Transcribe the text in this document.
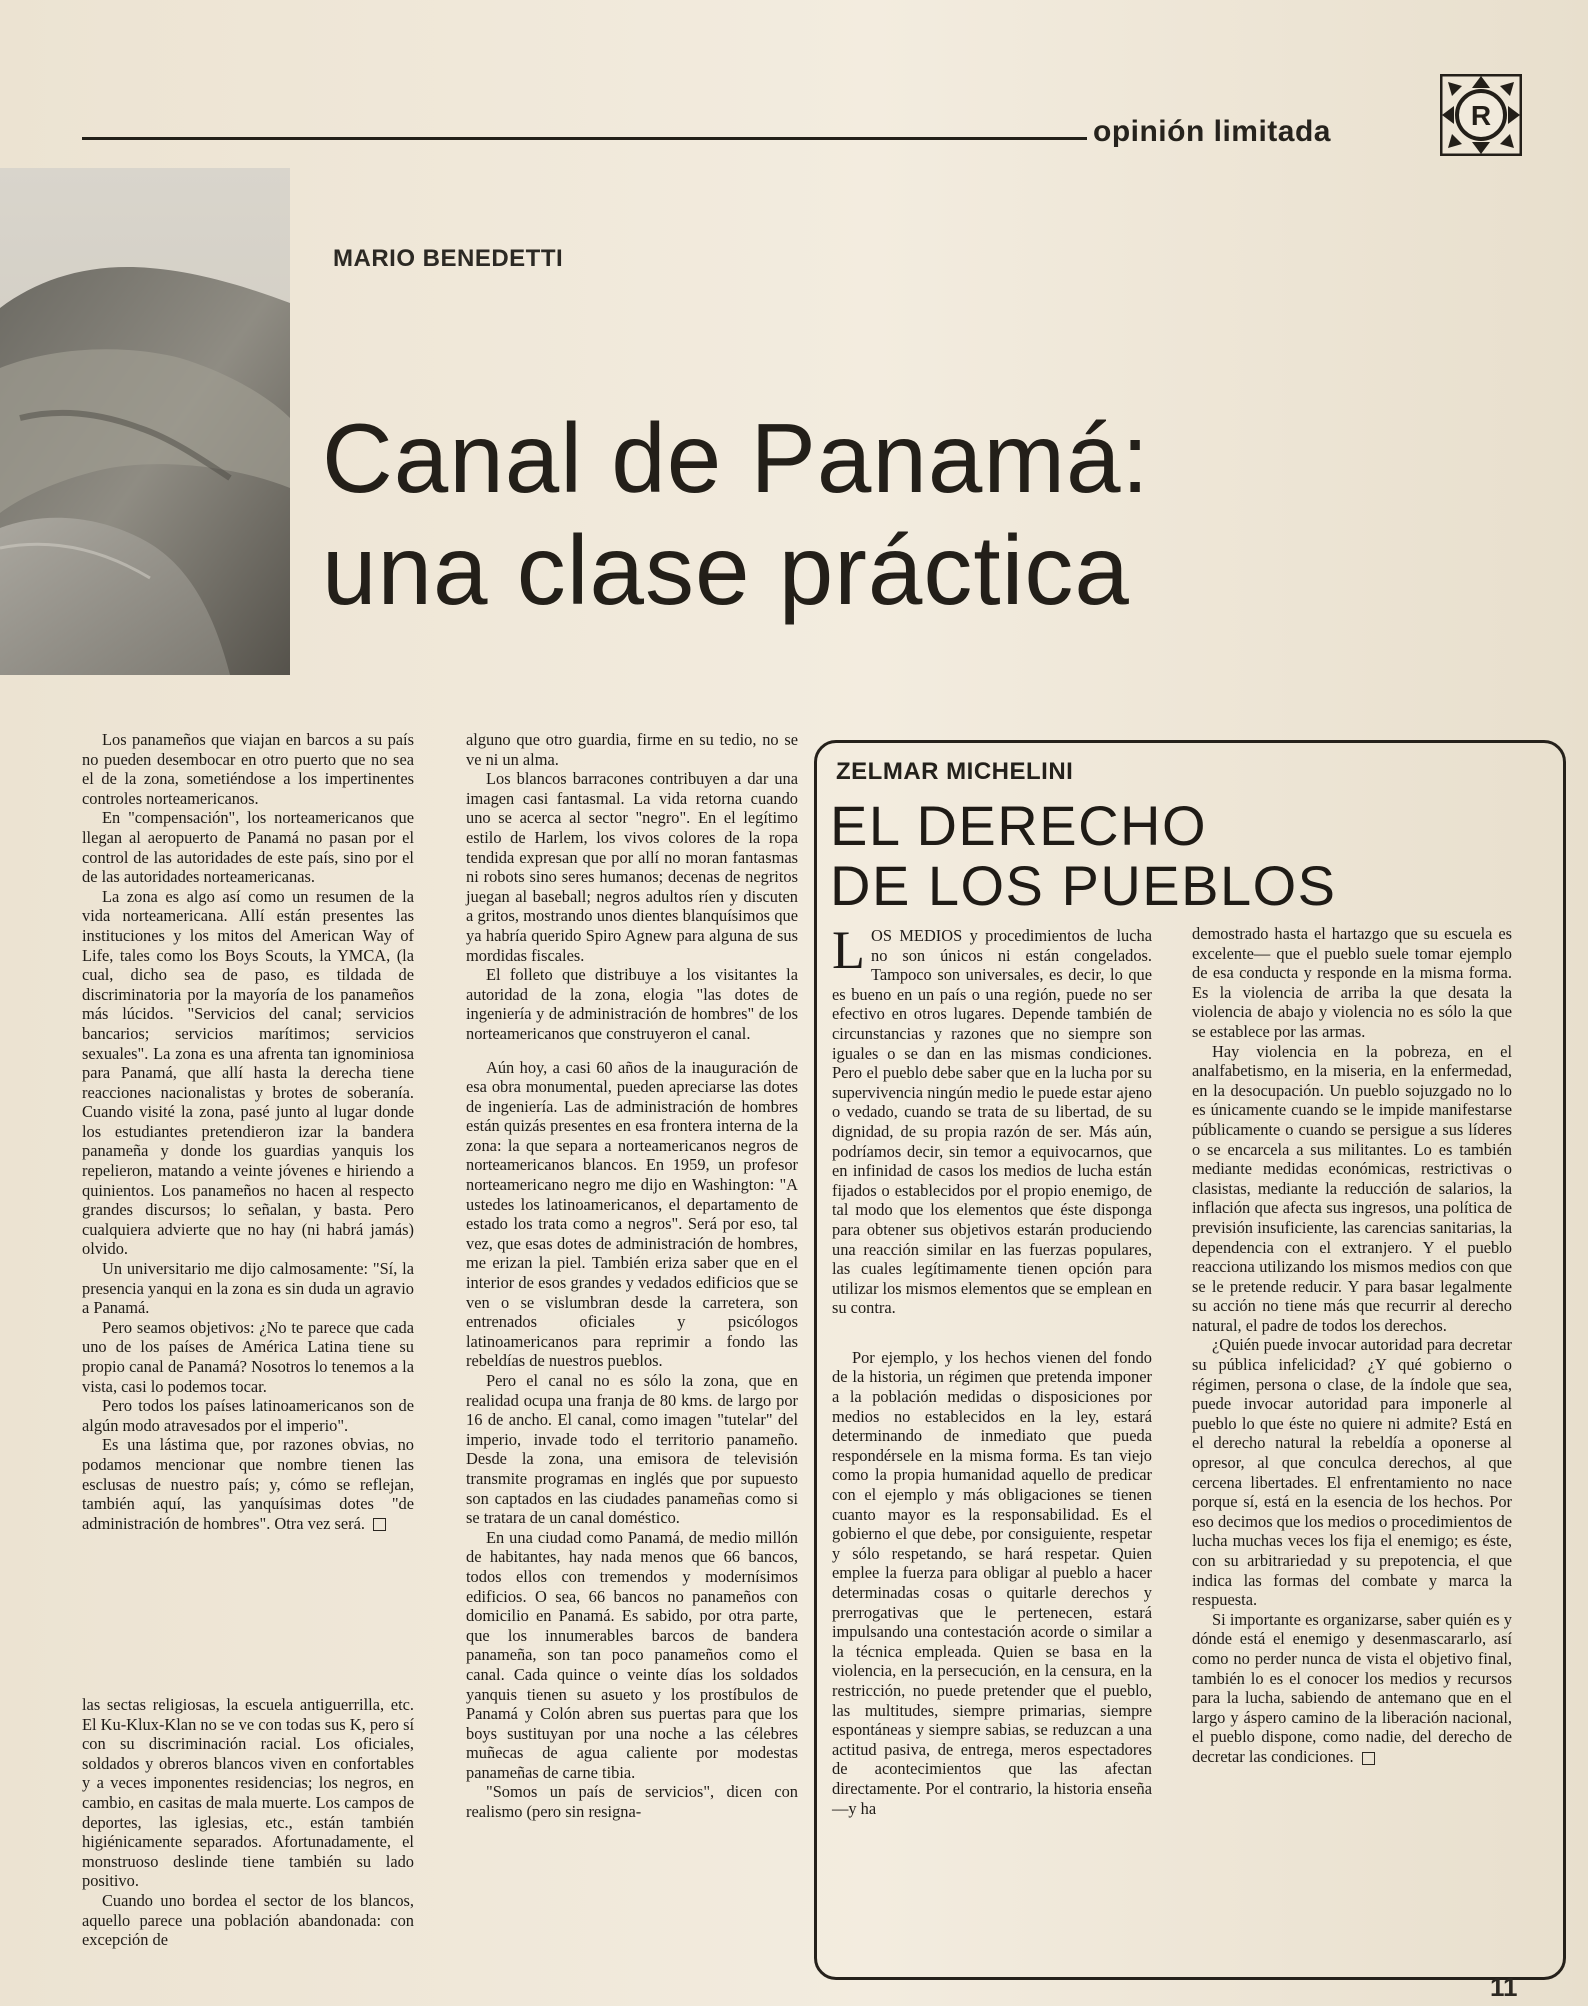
opinión limitada	R
MARIO BENEDETTI
Canal de Panamá:
una clase práctica

Los panameños que viajan en barcos a su país no pueden desembocar en otro puerto que no sea el de la zona, sometiéndose a los impertinentes controles norteamericanos.

En "compensación", los norteamericanos que llegan al aeropuerto de Panamá no pasan por el control de las autoridades de este país, sino por el de las autoridades norteamericanas.

La zona es algo así como un resumen de la vida norteamericana. Allí están presentes las instituciones y los mitos del American Way of Life, tales como los Boys Scouts, la YMCA, (la cual, dicho sea de paso, es tildada de discriminatoria por la mayoría de los panameños más lúcidos. "Servicios del canal; servicios bancarios; servicios marítimos; servicios sexuales". La zona es una afrenta tan ignominiosa para Panamá, que allí hasta la derecha tiene reacciones nacionalistas y brotes de soberanía. Cuando visité la zona, pasé junto al lugar donde los estudiantes pretendieron izar la bandera panameña y donde los guardias yanquis los repelieron, matando a veinte jóvenes e hiriendo a quinientos. Los panameños no hacen al respecto grandes discursos; lo señalan, y basta. Pero cualquiera advierte que no hay (ni habrá jamás) olvido.

Un universitario me dijo calmosamente: "Sí, la presencia yanqui en la zona es sin duda un agravio a Panamá.

Pero seamos objetivos: ¿No te parece que cada uno de los países de América Latina tiene su propio canal de Panamá? Nosotros lo tenemos a la vista, casi lo podemos tocar.

Pero todos los países latinoamericanos son de algún modo atravesados por el imperio".

Es una lástima que, por razones obvias, no podamos mencionar que nombre tienen las esclusas de nuestro país; y, cómo se reflejan, también aquí, las yanquísimas dotes "de administración de hombres". Otra vez será.

las sectas religiosas, la escuela antiguerrilla, etc. El Ku-Klux-Klan no se ve con todas sus K, pero sí con su discriminación racial. Los oficiales, soldados y obreros blancos viven en confortables y a veces imponentes residencias; los negros, en cambio, en casitas de mala muerte. Los campos de deportes, las iglesias, etc., están también higiénicamente separados. Afortunadamente, el monstruoso deslinde tiene también su lado positivo.

Cuando uno bordea el sector de los blancos, aquello parece una población abandonada: con excepción de

alguno que otro guardia, firme en su tedio, no se ve ni un alma.

Los blancos barracones contribuyen a dar una imagen casi fantasmal. La vida retorna cuando uno se acerca al sector "negro". En el legítimo estilo de Harlem, los vivos colores de la ropa tendida expresan que por allí no moran fantasmas ni robots sino seres humanos; decenas de negritos juegan al baseball; negros adultos ríen y discuten a gritos, mostrando unos dientes blanquísimos que ya habría querido Spiro Agnew para alguna de sus mordidas fiscales.

El folleto que distribuye a los visitantes la autoridad de la zona, elogia "las dotes de ingeniería y de administración de hombres" de los norteamericanos que construyeron el canal.

Aún hoy, a casi 60 años de la inauguración de esa obra monumental, pueden apreciarse las dotes de ingeniería. Las de administración de hombres están quizás presentes en esa frontera interna de la zona: la que separa a norteamericanos negros de norteamericanos blancos. En 1959, un profesor norteamericano negro me dijo en Washington: "A ustedes los latinoamericanos, el departamento de estado los trata como a negros". Será por eso, tal vez, que esas dotes de administración de hombres, me erizan la piel. También eriza saber que en el interior de esos grandes y vedados edificios que se ven o se vislumbran desde la carretera, son entrenados oficiales y psicólogos latinoamericanos para reprimir a fondo las rebeldías de nuestros pueblos.

Pero el canal no es sólo la zona, que en realidad ocupa una franja de 80 kms. de largo por 16 de ancho. El canal, como imagen "tutelar" del imperio, invade todo el territorio panameño. Desde la zona, una emisora de televisión transmite programas en inglés que por supuesto son captados en las ciudades panameñas como si se tratara de un canal doméstico.

En una ciudad como Panamá, de medio millón de habitantes, hay nada menos que 66 bancos, todos ellos con tremendos y modernísimos edificios. O sea, 66 bancos no panameños con domicilio en Panamá. Es sabido, por otra parte, que los innumerables barcos de bandera panameña, son tan poco panameños como el canal. Cada quince o veinte días los soldados yanquis tienen su asueto y los prostíbulos de Panamá y Colón abren sus puertas para que los boys sustituyan por una noche a las célebres muñecas de agua caliente por modestas panameñas de carne tibia.

"Somos un país de servicios", dicen con realismo (pero sin resigna-

ZELMAR MICHELINI
EL DERECHO
DE LOS PUEBLOS

LOS MEDIOS y procedimientos de lucha no son únicos ni están congelados. Tampoco son universales, es decir, lo que es bueno en un país o una región, puede no ser efectivo en otros lugares. Depende también de circunstancias y razones que no siempre son iguales o se dan en las mismas condiciones. Pero el pueblo debe saber que en la lucha por su supervivencia ningún medio le puede estar ajeno o vedado, cuando se trata de su libertad, de su dignidad, de su propia razón de ser. Más aún, podríamos decir, sin temor a equivocarnos, que en infinidad de casos los medios de lucha están fijados o establecidos por el propio enemigo, de tal modo que los elementos que éste disponga para obtener sus objetivos estarán produciendo una reacción similar en las fuerzas populares, las cuales legítimamente tienen opción para utilizar los mismos elementos que se emplean en su contra.

Por ejemplo, y los hechos vienen del fondo de la historia, un régimen que pretenda imponer a la población medidas o disposiciones por medios no establecidos en la ley, estará determinando de inmediato que pueda respondérsele en la misma forma. Es tan viejo como la propia humanidad aquello de predicar con el ejemplo y más obligaciones se tienen cuanto mayor es la responsabilidad. Es el gobierno el que debe, por consiguiente, respetar y sólo respetando, se hará respetar. Quien emplee la fuerza para obligar al pueblo a hacer determinadas cosas o quitarle derechos y prerrogativas que le pertenecen, estará impulsando una contestación acorde o similar a la técnica empleada. Quien se basa en la violencia, en la persecución, en la censura, en la restricción, no puede pretender que el pueblo, las multitudes, siempre primarias, siempre espontáneas y siempre sabias, se reduzcan a una actitud pasiva, de entrega, meros espectadores de acontecimientos que las afectan directamente. Por el contrario, la historia enseña —y ha

demostrado hasta el hartazgo que su escuela es excelente— que el pueblo suele tomar ejemplo de esa conducta y responde en la misma forma. Es la violencia de arriba la que desata la violencia de abajo y violencia no es sólo la que se establece por las armas.

Hay violencia en la pobreza, en el analfabetismo, en la miseria, en la enfermedad, en la desocupación. Un pueblo sojuzgado no lo es únicamente cuando se le impide manifestarse públicamente o cuando se persigue a sus líderes o se encarcela a sus militantes. Lo es también mediante medidas económicas, restrictivas o clasistas, mediante la reducción de salarios, la inflación que afecta sus ingresos, una política de previsión insuficiente, las carencias sanitarias, la dependencia con el extranjero. Y el pueblo reacciona utilizando los mismos medios con que se le pretende reducir. Y para basar legalmente su acción no tiene más que recurrir al derecho natural, el padre de todos los derechos.

¿Quién puede invocar autoridad para decretar su pública infelicidad? ¿Y qué gobierno o régimen, persona o clase, de la índole que sea, puede invocar autoridad para imponerle al pueblo lo que éste no quiere ni admite? Está en el derecho natural la rebeldía a oponerse al opresor, al que conculca derechos, al que cercena libertades. El enfrentamiento no nace porque sí, está en la esencia de los hechos. Por eso decimos que los medios o procedimientos de lucha muchas veces los fija el enemigo; es éste, con su arbitrariedad y su prepotencia, el que indica las formas del combate y marca la respuesta.

Si importante es organizarse, saber quién es y dónde está el enemigo y desenmascararlo, así como no perder nunca de vista el objetivo final, también lo es el conocer los medios y recursos para la lucha, sabiendo de antemano que en el largo y áspero camino de la liberación nacional, el pueblo dispone, como nadie, del derecho de decretar las condiciones.

11
